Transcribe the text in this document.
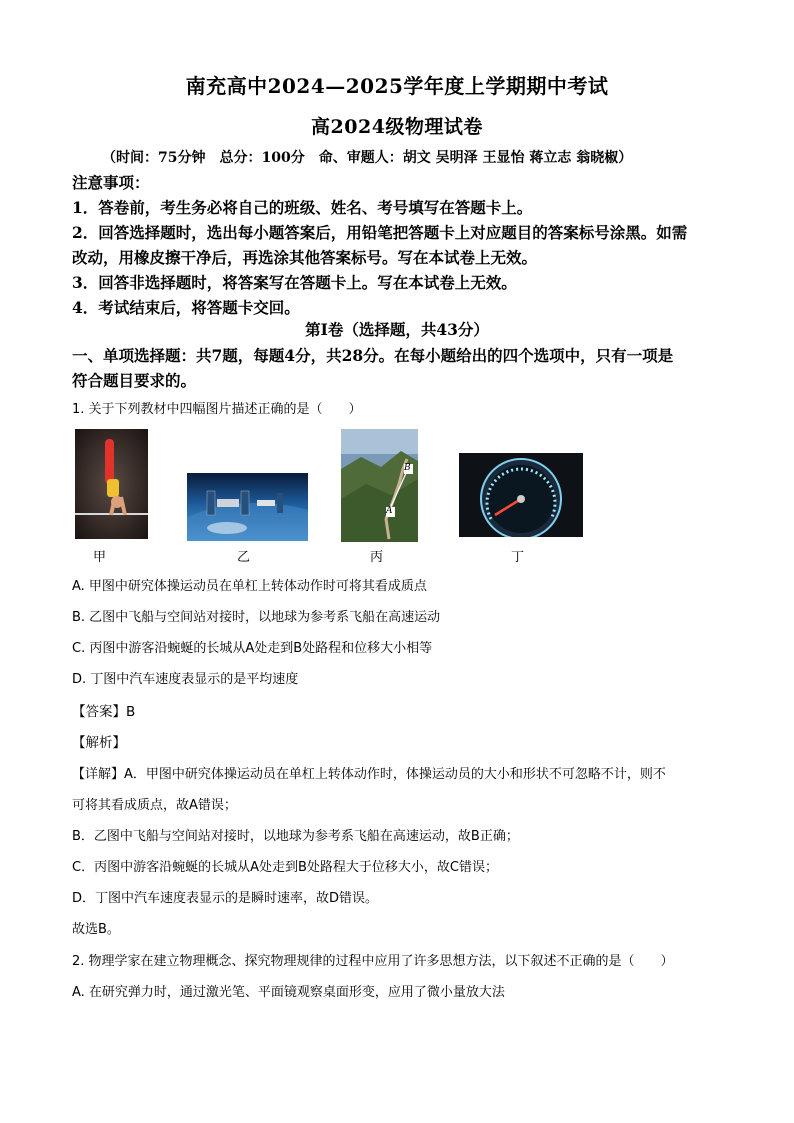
南充高中2024—2025学年度上学期期中考试
高2024级物理试卷
（时间：75分钟　总分：100分　命、审题人：胡文 吴明泽 王显怡 蒋立志 翁晓椒）
注意事项：
1．答卷前，考生务必将自己的班级、姓名、考号填写在答题卡上。
2．回答选择题时，选出每小题答案后，用铅笔把答题卡上对应题目的答案标号涂黑。如需
改动，用橡皮擦干净后，再选涂其他答案标号。写在本试卷上无效。
3．回答非选择题时，将答案写在答题卡上。写在本试卷上无效。
4．考试结束后，将答题卡交回。
第I卷（选择题，共43分）
一、单项选择题：共7题，每题4分，共28分。在每小题给出的四个选项中，只有一项是
符合题目要求的。
1. 关于下列教材中四幅图片描述正确的是（　　）
B
A
甲	乙	丙	丁
A. 甲图中研究体操运动员在单杠上转体动作时可将其看成质点
B. 乙图中飞船与空间站对接时，以地球为参考系飞船在高速运动
C. 丙图中游客沿蜿蜒的长城从A处走到B处路程和位移大小相等
D. 丁图中汽车速度表显示的是平均速度
【答案】B
【解析】
【详解】A．甲图中研究体操运动员在单杠上转体动作时，体操运动员的大小和形状不可忽略不计，则不
可将其看成质点，故A错误；
B．乙图中飞船与空间站对接时，以地球为参考系飞船在高速运动，故B正确；
C．丙图中游客沿蜿蜒的长城从A处走到B处路程大于位移大小，故C错误；
D．丁图中汽车速度表显示的是瞬时速率，故D错误。
故选B。
2. 物理学家在建立物理概念、探究物理规律的过程中应用了许多思想方法，以下叙述不正确的是（　　）
A. 在研究弹力时，通过激光笔、平面镜观察桌面形变，应用了微小量放大法
